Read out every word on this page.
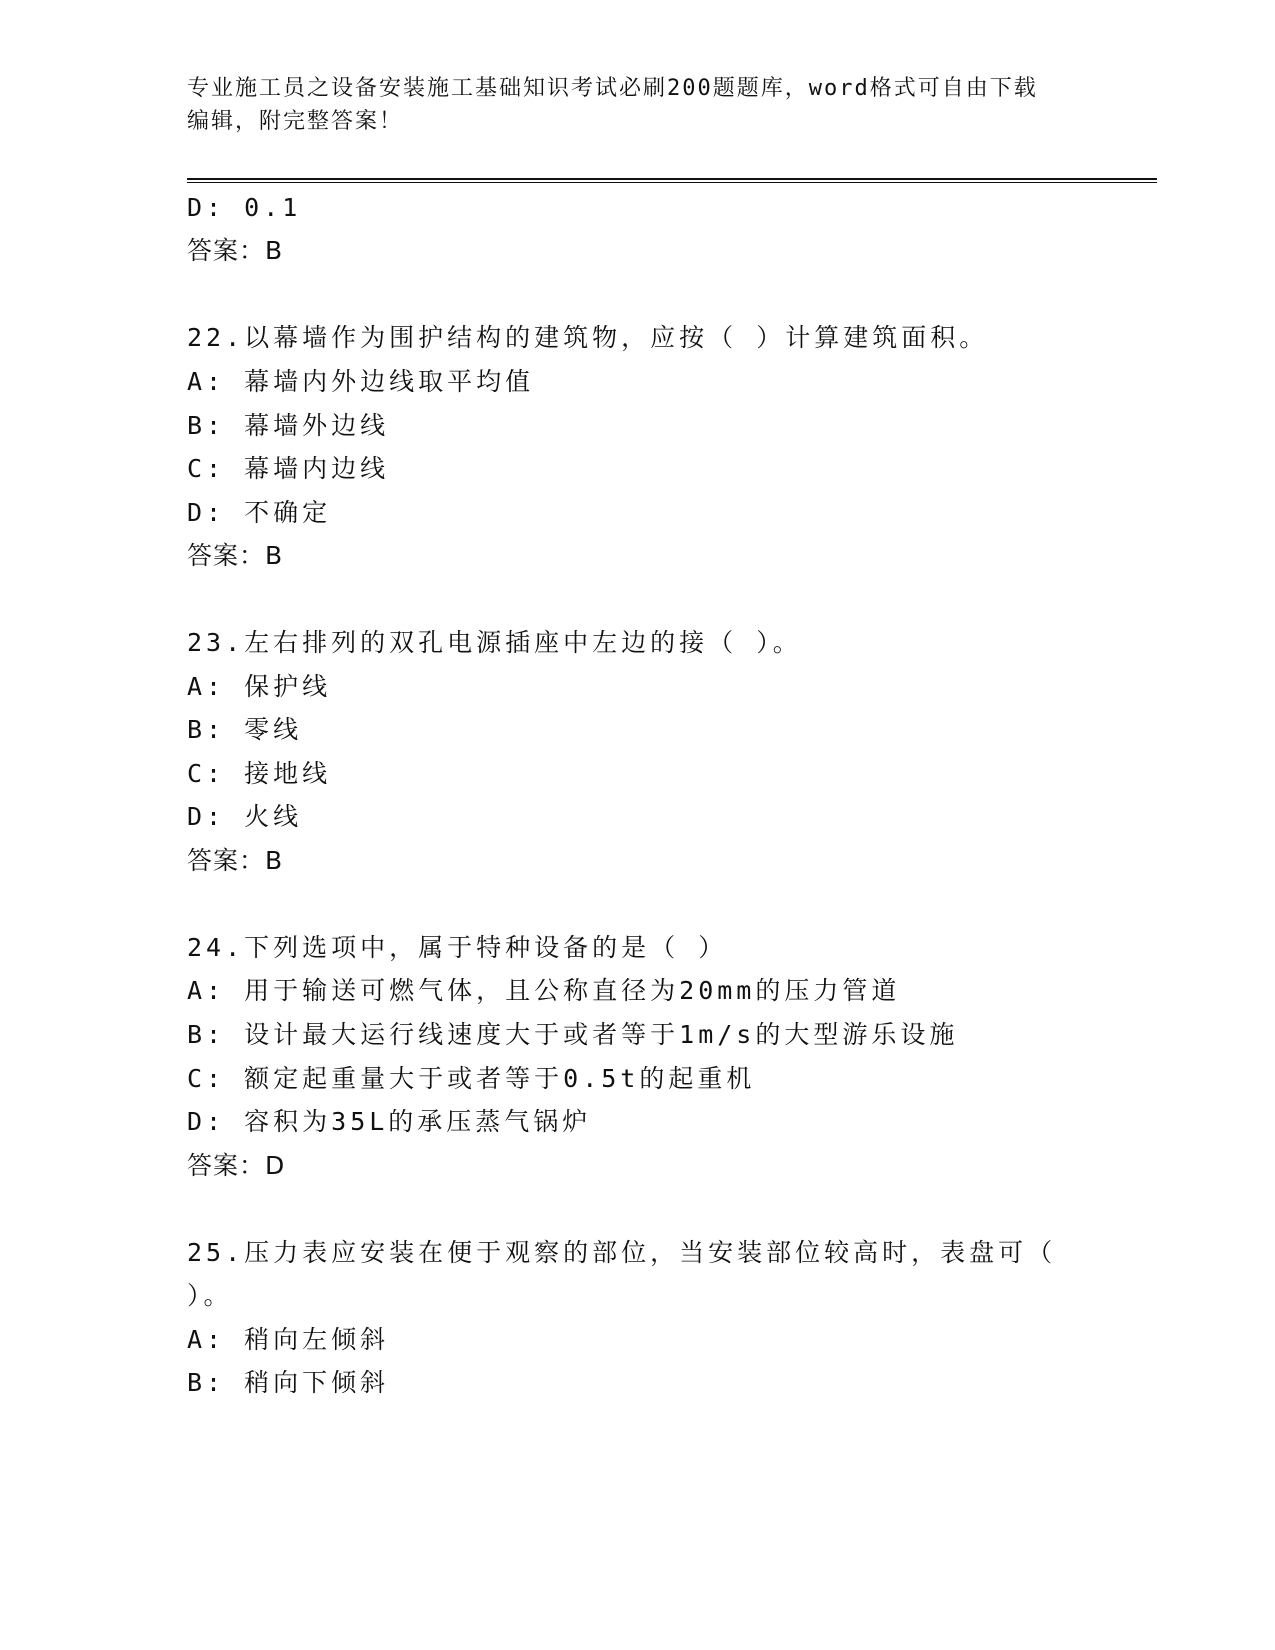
专业施工员之设备安装施工基础知识考试必刷200题题库，word格式可自由下载
编辑，附完整答案！
D: 0.1
答案：B
22.以幕墙作为围护结构的建筑物，应按（ ）计算建筑面积。
A: 幕墙内外边线取平均值
B: 幕墙外边线
C: 幕墙内边线
D: 不确定
答案：B
23.左右排列的双孔电源插座中左边的接（ ）。
A: 保护线
B: 零线
C: 接地线
D: 火线
答案：B
24.下列选项中，属于特种设备的是（ ）
A: 用于输送可燃气体，且公称直径为20mm的压力管道
B: 设计最大运行线速度大于或者等于1m/s的大型游乐设施
C: 额定起重量大于或者等于0.5t的起重机
D: 容积为35L的承压蒸气锅炉
答案：D
25.压力表应安装在便于观察的部位，当安装部位较高时，表盘可（
）。
A: 稍向左倾斜
B: 稍向下倾斜
